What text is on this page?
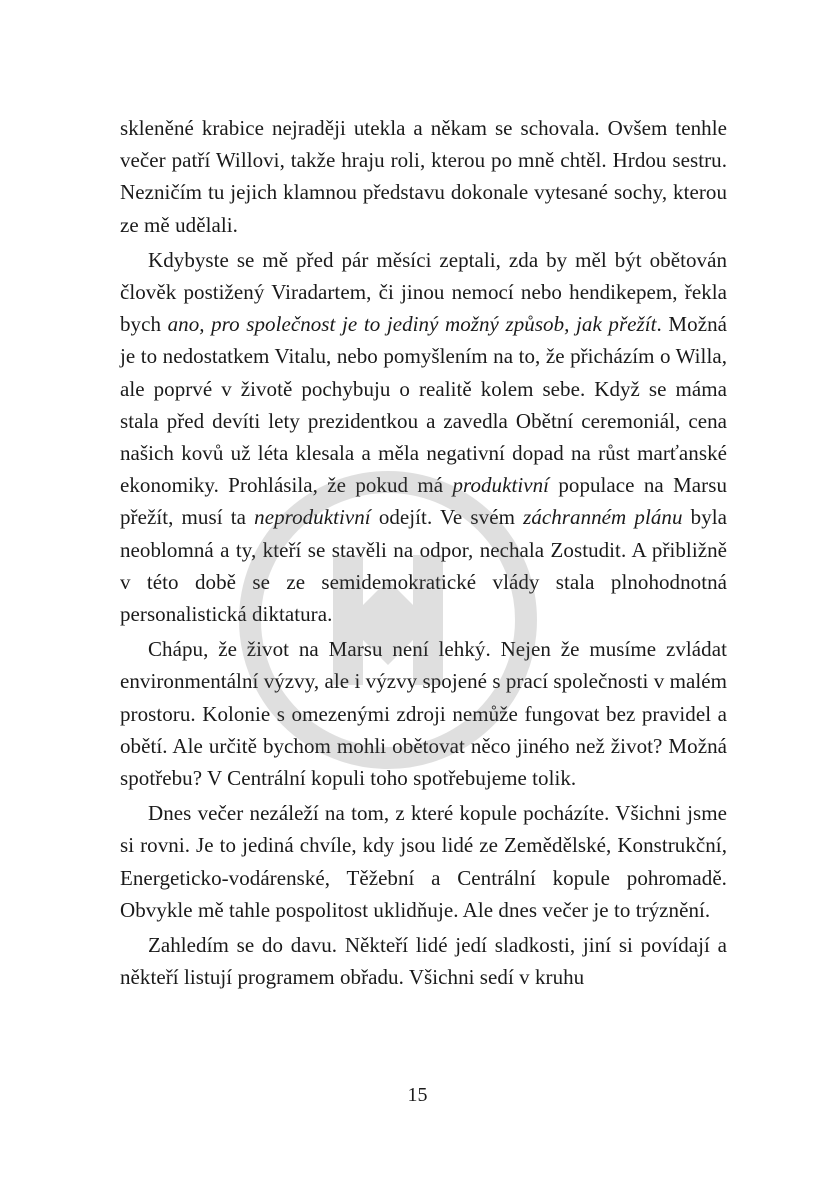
skleněné krabice nejraději utekla a někam se schovala. Ovšem tenhle večer patří Willovi, takže hraju roli, kterou po mně chtěl. Hrdou sestru. Nezničím tu jejich klamnou představu dokonale vytesané sochy, kterou ze mě udělali.

Kdybyste se mě před pár měsíci zeptali, zda by měl být obětován člověk postižený Viradartem, či jinou nemocí nebo hendikepem, řekla bych ano, pro společnost je to jediný možný způsob, jak přežít. Možná je to nedostatkem Vitalu, nebo pomyšlením na to, že přicházím o Willa, ale poprvé v životě pochybuju o realitě kolem sebe. Když se máma stala před devíti lety prezidentkou a zavedla Obětní ceremoniál, cena našich kovů už léta klesala a měla negativní dopad na růst marťanské ekonomiky. Prohlásila, že pokud má produktivní populace na Marsu přežít, musí ta neproduktivní odejít. Ve svém záchranném plánu byla neoblomná a ty, kteří se stavěli na odpor, nechala Zostudit. A přibližně v této době se ze semidemokratické vlády stala plnohodnotná personalistická diktatura.

Chápu, že život na Marsu není lehký. Nejen že musíme zvládat environmentální výzvy, ale i výzvy spojené s prací společnosti v malém prostoru. Kolonie s omezenými zdroji nemůže fungovat bez pravidel a obětí. Ale určitě bychom mohli obětovat něco jiného než život? Možná spotřebu? V Centrální kopuli toho spotřebujeme tolik.

Dnes večer nezáleží na tom, z které kopule pocházíte. Všichni jsme si rovni. Je to jediná chvíle, kdy jsou lidé ze Zemědělské, Konstrukční, Energeticko-vodárenské, Těžební a Centrální kopule pohromadě. Obvykle mě tahle pospolitost uklidňuje. Ale dnes večer je to trýznění.

Zahledím se do davu. Někteří lidé jedí sladkosti, jiní si povídají a někteří listují programem obřadu. Všichni sedí v kruhu

15
